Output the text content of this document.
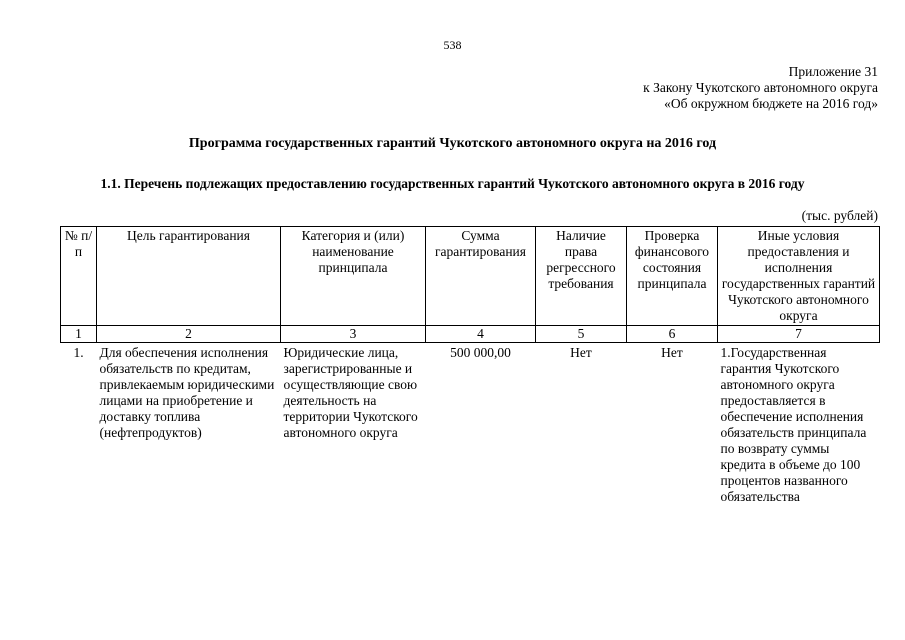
538
Приложение 31
к Закону Чукотского автономного округа
«Об окружном бюджете на 2016 год»
Программа государственных гарантий Чукотского автономного округа на 2016 год
1.1. Перечень подлежащих предоставлению государственных гарантий Чукотского автономного округа в 2016 году
(тыс. рублей)
№ п/п	Цель гарантирования	Категория и (или) наименование принципала	Сумма гарантирования	Наличие права регрессного требования	Проверка финансового состояния принципала	Иные условия предоставления и исполнения государственных гарантий Чукотского автономного округа
1	2	3	4	5	6	7
1.	Для обеспечения исполнения обязательств по кредитам, привлекаемым юридическими лицами на приобретение и доставку топлива (нефтепродуктов)	Юридические лица, зарегистрированные и осуществляющие свою деятельность на территории Чукотского автономного округа	500 000,00	Нет	Нет	1.Государственная гарантия Чукотского автономного округа предоставляется в обеспечение исполнения обязательств принципала по возврату суммы кредита в объеме до 100 процентов названного обязательства
